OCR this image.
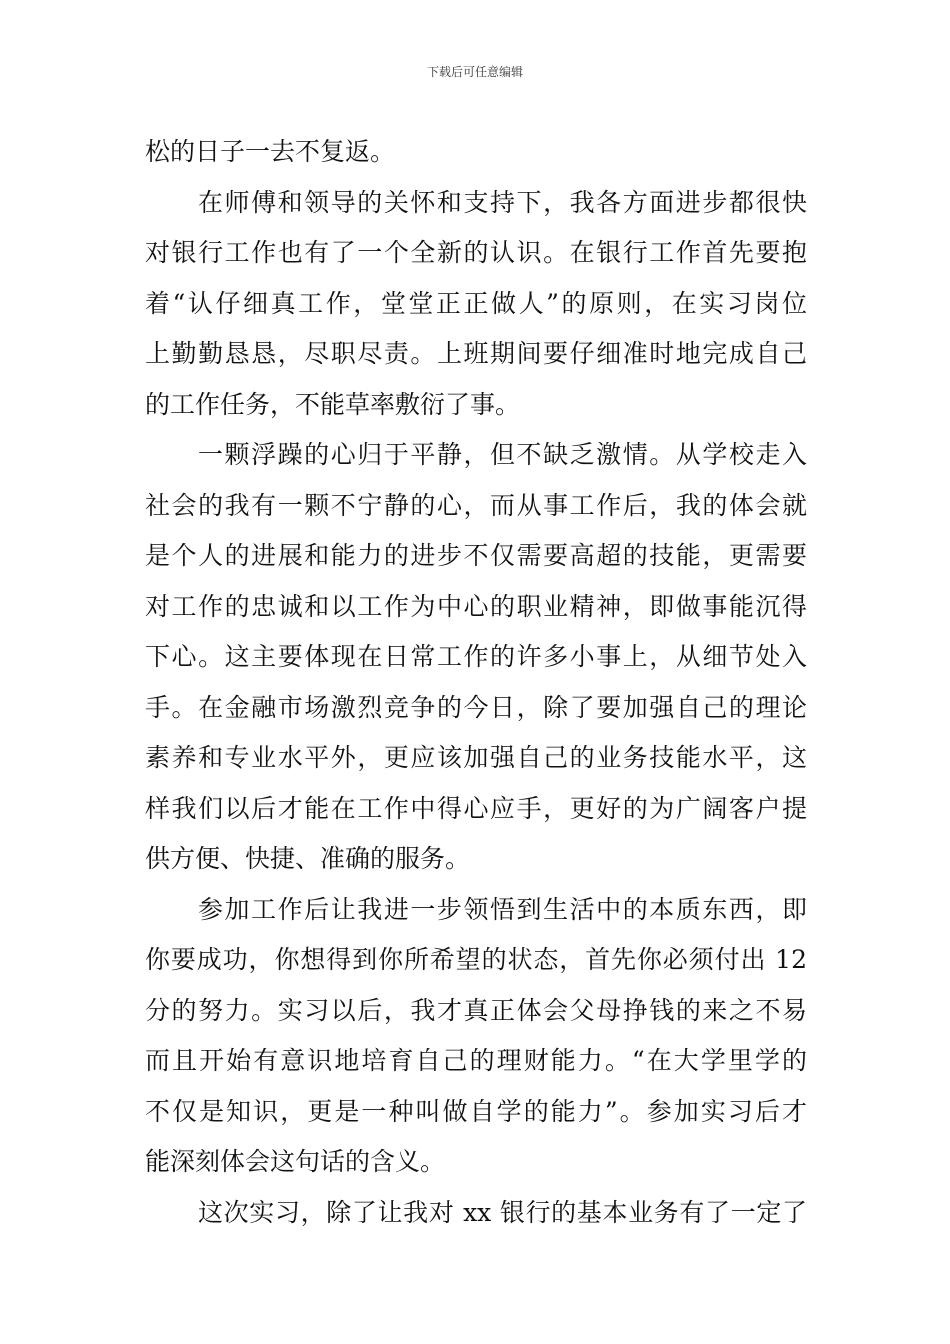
下载后可任意编辑
松的日子一去不复返。
在师傅和领导的关怀和支持下，我各方面进步都很快
对银行工作也有了一个全新的认识。在银行工作首先要抱
着“认仔细真工作，堂堂正正做人”的原则，在实习岗位
上勤勤恳恳，尽职尽责。上班期间要仔细准时地完成自己
的工作任务，不能草率敷衍了事。
一颗浮躁的心归于平静，但不缺乏激情。从学校走入
社会的我有一颗不宁静的心，而从事工作后，我的体会就
是个人的进展和能力的进步不仅需要高超的技能，更需要
对工作的忠诚和以工作为中心的职业精神，即做事能沉得
下心。这主要体现在日常工作的许多小事上，从细节处入
手。在金融市场激烈竞争的今日，除了要加强自己的理论
素养和专业水平外，更应该加强自己的业务技能水平，这
样我们以后才能在工作中得心应手，更好的为广阔客户提
供方便、快捷、准确的服务。
参加工作后让我进一步领悟到生活中的本质东西，即
你要成功，你想得到你所希望的状态，首先你必须付出 12
分的努力。实习以后，我才真正体会父母挣钱的来之不易
而且开始有意识地培育自己的理财能力。“在大学里学的
不仅是知识，更是一种叫做自学的能力”。参加实习后才
能深刻体会这句话的含义。
这次实习，除了让我对 xx 银行的基本业务有了一定了
